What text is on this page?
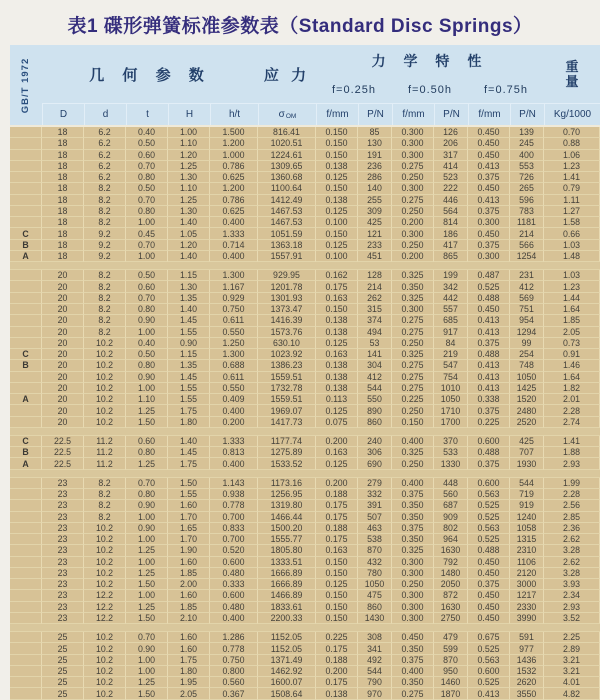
表1 碟形弹簧标准参数表（Standard Disc Springs）
GB/T 1972	几 何 参 数	应 力
力 学 特 性	重
量
f=0.25h	f=0.50h	f=0.75h
D	d	t	H	h/t	σ OM	f/mm	P/N	f/mm	P/N	f/mm	P/N	Kg/1000
18	6.2	0.40	1.00	1.500	816.41	0.150	85	0.300	126	0.450	139	0.70
18	6.2	0.50	1.10	1.200	1020.51	0.150	130	0.300	206	0.450	245	0.88
18	6.2	0.60	1.20	1.000	1224.61	0.150	191	0.300	317	0.450	400	1.06
18	6.2	0.70	1.25	0.786	1309.65	0.138	236	0.275	414	0.413	553	1.23
18	6.2	0.80	1.30	0.625	1360.68	0.125	286	0.250	523	0.375	726	1.41
18	8.2	0.50	1.10	1.200	1100.64	0.150	140	0.300	222	0.450	265	0.79
18	8.2	0.70	1.25	0.786	1412.49	0.138	255	0.275	446	0.413	596	1.11
18	8.2	0.80	1.30	0.625	1467.53	0.125	309	0.250	564	0.375	783	1.27
18	8.2	1.00	1.40	0.400	1467.53	0.100	425	0.200	814	0.300	1181	1.58
C	18	9.2	0.45	1.05	1.333	1051.59	0.150	121	0.300	186	0.450	214	0.66
B	18	9.2	0.70	1.20	0.714	1363.18	0.125	233	0.250	417	0.375	566	1.03
A	18	9.2	1.00	1.40	0.400	1557.91	0.100	451	0.200	865	0.300	1254	1.48
20	8.2	0.50	1.15	1.300	929.95	0.162	128	0.325	199	0.487	231	1.03
20	8.2	0.60	1.30	1.167	1201.78	0.175	214	0.350	342	0.525	412	1.23
20	8.2	0.70	1.35	0.929	1301.93	0.163	262	0.325	442	0.488	569	1.44
20	8.2	0.80	1.40	0.750	1373.47	0.150	315	0.300	557	0.450	751	1.64
20	8.2	0.90	1.45	0.611	1416.39	0.138	374	0.275	685	0.413	954	1.85
20	8.2	1.00	1.55	0.550	1573.76	0.138	494	0.275	917	0.413	1294	2.05
20	10.2	0.40	0.90	1.250	630.10	0.125	53	0.250	84	0.375	99	0.73
C	20	10.2	0.50	1.15	1.300	1023.92	0.163	141	0.325	219	0.488	254	0.91
B	20	10.2	0.80	1.35	0.688	1386.23	0.138	304	0.275	547	0.413	748	1.46
20	10.2	0.90	1.45	0.611	1559.51	0.138	412	0.275	754	0.413	1050	1.64
20	10.2	1.00	1.55	0.550	1732.78	0.138	544	0.275	1010	0.413	1425	1.82
A	20	10.2	1.10	1.55	0.409	1559.51	0.113	550	0.225	1050	0.338	1520	2.01
20	10.2	1.25	1.75	0.400	1969.07	0.125	890	0.250	1710	0.375	2480	2.28
20	10.2	1.50	1.80	0.200	1417.73	0.075	860	0.150	1700	0.225	2520	2.74
C	22.5	11.2	0.60	1.40	1.333	1177.74	0.200	240	0.400	370	0.600	425	1.41
B	22.5	11.2	0.80	1.45	0.813	1275.89	0.163	306	0.325	533	0.488	707	1.88
A	22.5	11.2	1.25	1.75	0.400	1533.52	0.125	690	0.250	1330	0.375	1930	2.93
23	8.2	0.70	1.50	1.143	1173.16	0.200	279	0.400	448	0.600	544	1.99
23	8.2	0.80	1.55	0.938	1256.95	0.188	332	0.375	560	0.563	719	2.28
23	8.2	0.90	1.60	0.778	1319.80	0.175	391	0.350	687	0.525	919	2.56
23	8.2	1.00	1.70	0.700	1466.44	0.175	507	0.350	909	0.525	1240	2.85
23	10.2	0.90	1.65	0.833	1500.20	0.188	463	0.375	802	0.563	1058	2.36
23	10.2	1.00	1.70	0.700	1555.77	0.175	538	0.350	964	0.525	1315	2.62
23	10.2	1.25	1.90	0.520	1805.80	0.163	870	0.325	1630	0.488	2310	3.28
23	10.2	1.00	1.60	0.600	1333.51	0.150	432	0.300	792	0.450	1106	2.62
23	10.2	1.25	1.85	0.480	1666.89	0.150	780	0.300	1480	0.450	2120	3.28
23	10.2	1.50	2.00	0.333	1666.89	0.125	1050	0.250	2050	0.375	3000	3.93
23	12.2	1.00	1.60	0.600	1466.89	0.150	475	0.300	872	0.450	1217	2.34
23	12.2	1.25	1.85	0.480	1833.61	0.150	860	0.300	1630	0.450	2330	2.93
23	12.2	1.50	2.10	0.400	2200.33	0.150	1430	0.300	2750	0.450	3990	3.52
25	10.2	0.70	1.60	1.286	1152.05	0.225	308	0.450	479	0.675	591	2.25
25	10.2	0.90	1.60	0.778	1152.05	0.175	341	0.350	599	0.525	977	2.89
25	10.2	1.00	1.75	0.750	1371.49	0.188	492	0.375	870	0.563	1436	3.21
25	10.2	1.00	1.80	0.800	1462.92	0.200	544	0.400	950	0.600	1532	3.21
25	10.2	1.25	1.95	0.560	1600.07	0.175	790	0.350	1460	0.525	2620	4.01
25	10.2	1.50	2.05	0.367	1508.64	0.138	970	0.275	1870	0.413	3550	4.82
